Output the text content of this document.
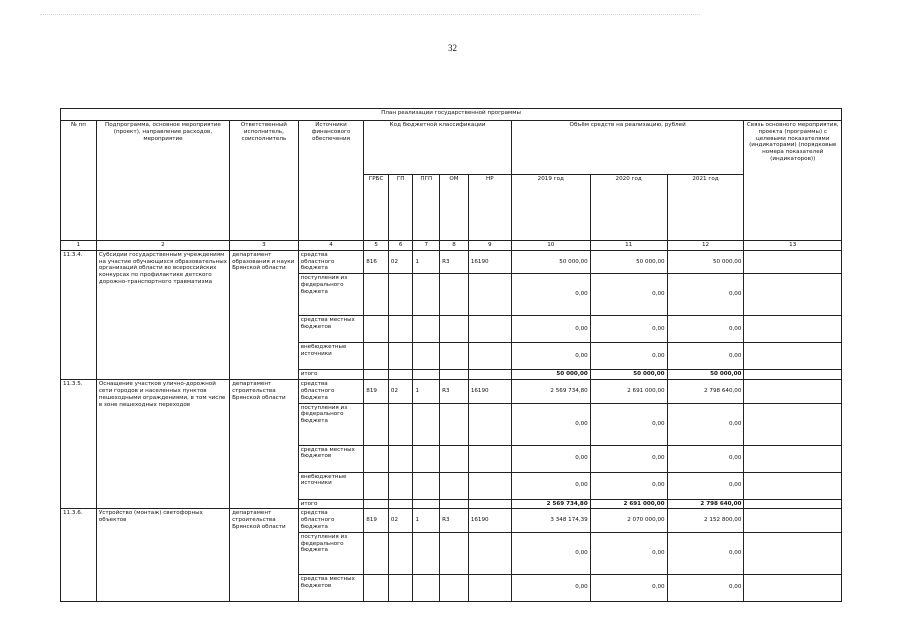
32
План реализации государственной программы												
№ пп	Подпрограмма, основное мероприятие (проект), направление расходов, мероприятие	Ответственный исполнитель, соисполнитель	Источники финансового обеспечения	Код бюджетной классификации					Объём средств на реализацию, рублей			Связь основного мероприятия, проекта (программы) с целевыми показателями (индикаторами) (порядковые номера показателей (индикаторов))
				ГРБС	ГП	ПГП	ОМ	НР	2019 год	2020 год	2021 год	
1	2	3	4	5	6	7	8	9	10	11	12	13
11.3.4.	Субсидии государственным учреждениям на участие обучающихся образовательных организаций области во всероссийских конкурсах по профилактике детского дорожно-транспортного травматизма	департамент образования и науки Брянской области	средства областного бюджета	816	02	1	R3	16190	50 000,00	50 000,00	50 000,00	
			поступления из федерального бюджета						0,00	0,00	0,00	
			средства местных бюджетов						0,00	0,00	0,00	
			внебюджетные источники						0,00	0,00	0,00	
			итого						50 000,00	50 000,00	50 000,00	
11.3.5.	Оснащение участков улично-дорожной сети городов и населенных пунктов пешеходными ограждениями, в том числе в зоне пешеходных переходов	департамент строительства Брянской области	средства областного бюджета	819	02	1	R3	16190	2 569 734,80	2 691 000,00	2 798 640,00	
			поступления из федерального бюджета						0,00	0,00	0,00	
			средства местных бюджетов						0,00	0,00	0,00	
			внебюджетные источники						0,00	0,00	0,00	
			итого						2 569 734,80	2 691 000,00	2 798 640,00	
11.3.6.	Устройство (монтаж) светофорных объектов	департамент строительства Брянской области	средства областного бюджета	819	02	1	R3	16190	3 348 174,39	2 070 000,00	2 152 800,00	
			поступления из федерального бюджета						0,00	0,00	0,00	
			средства местных бюджетов						0,00	0,00	0,00	
